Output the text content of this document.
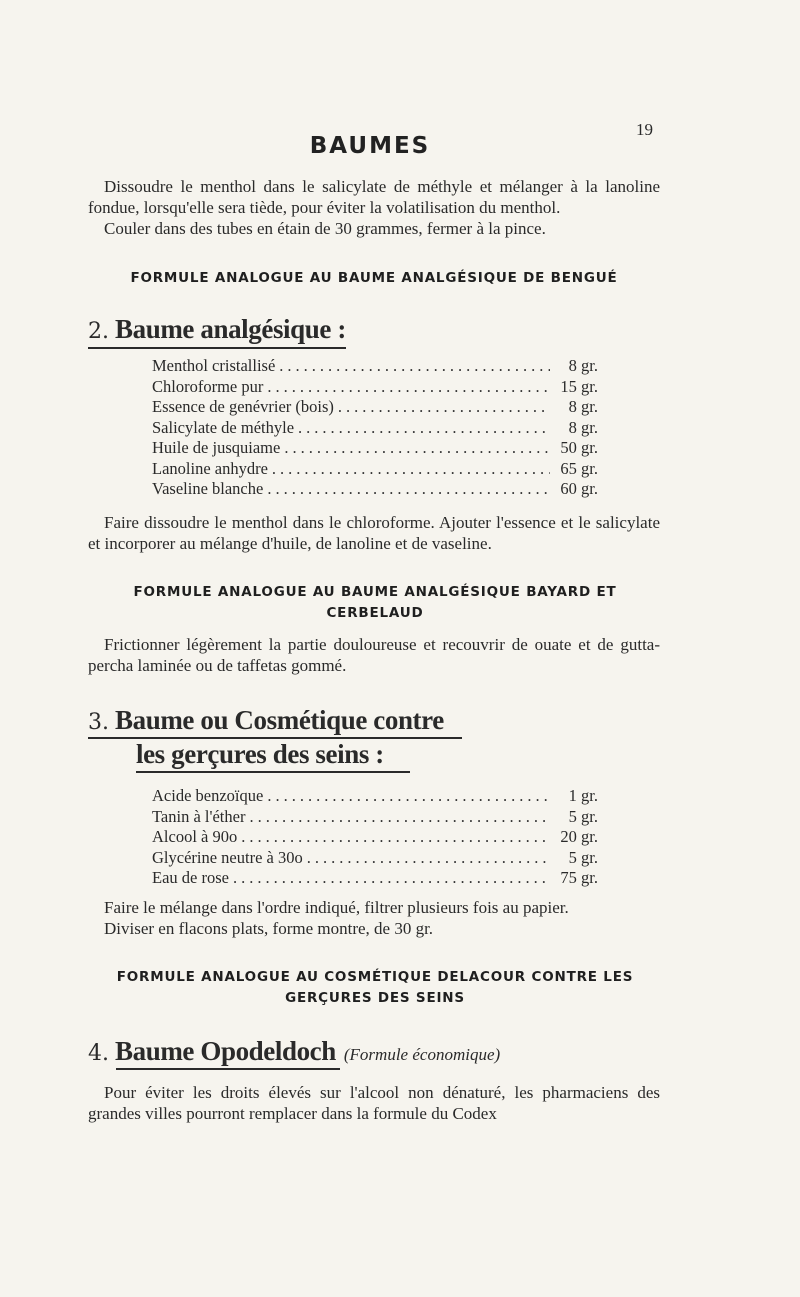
19
BAUMES

Dissoudre le menthol dans le salicylate de méthyle et mélanger à la lanoline fondue, lorsqu'elle sera tiède, pour éviter la volatilisation du menthol.

Couler dans des tubes en étain de 30 grammes, fermer à la pince.

FORMULE ANALOGUE AU BAUME ANALGÉSIQUE DE BENGUÉ
2. Baume analgésique :
Menthol cristallisé .....	8 gr.
Chloroforme pur .....	15 gr.
Essence de genévrier (bois) .....	8 gr.
Salicylate de méthyle .....	8 gr.
Huile de jusquiame .....	50 gr.
Lanoline anhydre .....	65 gr.
Vaseline blanche .....	60 gr.

Faire dissoudre le menthol dans le chloroforme. Ajouter l'essence et le salicylate et incorporer au mélange d'huile, de lanoline et de vaseline.

FORMULE ANALOGUE AU BAUME ANALGÉSIQUE BAYARD ET CERBELAUD

Frictionner légèrement la partie douloureuse et recouvrir de ouate et de gutta-percha laminée ou de taffetas gommé.

3. Baume ou Cosmétique contre
les gerçures des seins :
Acide benzoïque .....	1 gr.
Tanin à l'éther .....	5 gr.
Alcool à 90o .....	20 gr.
Glycérine neutre à 30o .....	5 gr.
Eau de rose .....	75 gr.

Faire le mélange dans l'ordre indiqué, filtrer plusieurs fois au papier.

Diviser en flacons plats, forme montre, de 30 gr.

FORMULE ANALOGUE AU COSMÉTIQUE DELACOUR CONTRE LES GERÇURES DES SEINS
4. Baume Opodeldoch (Formule économique)

Pour éviter les droits élevés sur l'alcool non dénaturé, les pharmaciens des grandes villes pourront remplacer dans la formule du Codex
